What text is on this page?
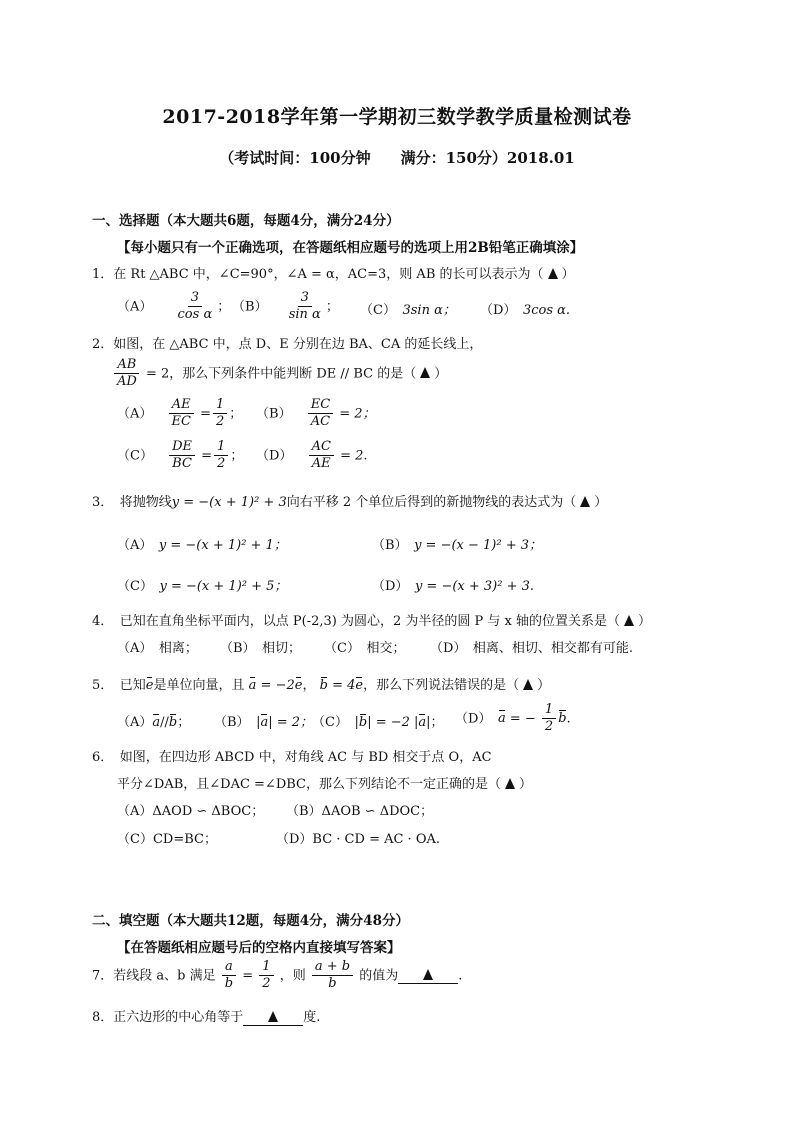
2017-2018学年第一学期初三数学教学质量检测试卷
（考试时间：100分钟　　满分：150分）2018.01
一、选择题（本大题共6题，每题4分，满分24分）
【每小题只有一个正确选项，在答题纸相应题号的选项上用2B铅笔正确填涂】
1．在 Rt △ABC 中，∠C=90°，∠A = α，AC=3，则 AB 的长可以表示为（ ）
$(A) \frac{3}{\text{cos α}}$ ； $(B) \frac{3}{\text{sin α}}$ ； （C）　 3sin α； （D）　 3cos α.
2．如图，在 △ABC 中，点 D、E 分别在边 BA、CA 的延长线上，
$\frac{AB}{AD} = 2$，那么下列条件中能判断 DE // BC 的是（ ）
$(A) \frac{AE}{EC} = \frac{1}{2}$ ； $(B) \frac{EC}{AC} = 2$；
$(C) \frac{DE}{BC} = \frac{1}{2}$ ； $(D) \frac{AC}{AE} = 2$.
3．　将抛物线y = −(x + 1)² + 3向右平移 2 个单位后得到的新抛物线的表达式为（ ）
（A）　 y = −(x + 1)² + 1；	（B）　 y = −(x − 1)² + 3；
（C）　 y = −(x + 1)² + 5；	（D）　 y = −(x + 3)² + 3.
4．　已知在直角坐标平面内，以点 P(-2,3) 为圆心，2 为半径的圆 P 与 x 轴的位置关系是（ ）
（A）　相离； （B）　相切； （C）　相交； （D）　相离、相切、相交都有可能.
5．　已知e是单位向量，且 a = −2e， b = 4e，那么下列说法错误的是（ ）
（A）a//b； （B）　 |a| = 2；
（C）　 |b| = −2 |a|； （D）　 a = − $\frac{1}{2} b$.
6．　如图，在四边形 ABCD 中，对角线 AC 与 BD 相交于点 O，AC
平分∠DAB，且∠DAC =∠DBC，那么下列结论不一定正确的是（ ）
（A）ΔAOD ∽ ΔBOC； （B）ΔAOB ∽ ΔDOC；
（C）CD=BC；	（D）BC · CD = AC · OA.
二、填空题（本大题共12题，每题4分，满分48分）
【在答题纸相应题号后的空格内直接填写答案】
7．若线段 a、b 满足 $\frac{a}{b} = \frac{1}{2}$ ，则 $\frac{a + b}{b}$ 的值为	.
8．正六边形的中心角等于	度.
